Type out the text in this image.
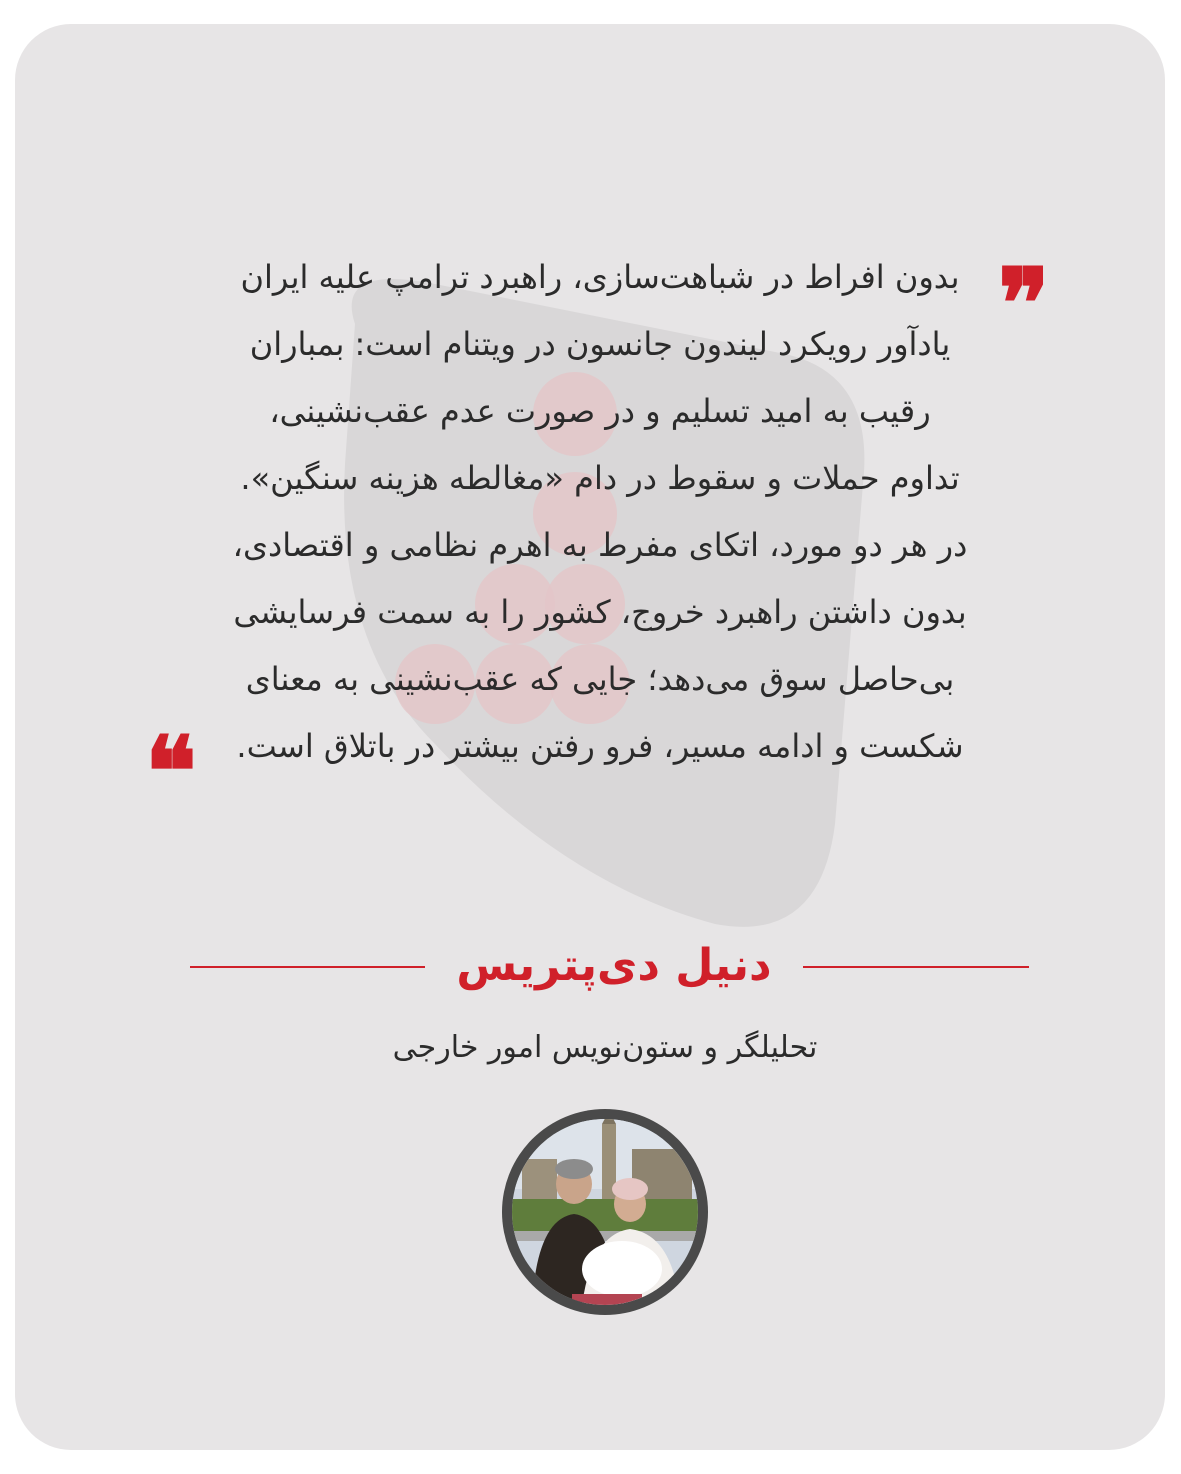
بدون افراط در شباهت‌سازی، راهبرد ترامپ علیه ایران
یادآور رویکرد لیندون جانسون در ویتنام است: بمباران
رقیب به امید تسلیم و در صورت عدم عقب‌نشینی،
تداوم حملات و سقوط در دام «مغالطه هزینه سنگین».
در هر دو مورد، اتکای مفرط به اهرم نظامی و اقتصادی،
بدون داشتن راهبرد خروج، کشور را به سمت فرسایشی
بی‌حاصل سوق می‌دهد؛ جایی که عقب‌نشینی به معنای
شکست و ادامه مسیر، فرو رفتن بیشتر در باتلاق است.
❞
❝
دنیل دی‌پتریس
تحلیلگر و ستون‌نویس امور خارجی
